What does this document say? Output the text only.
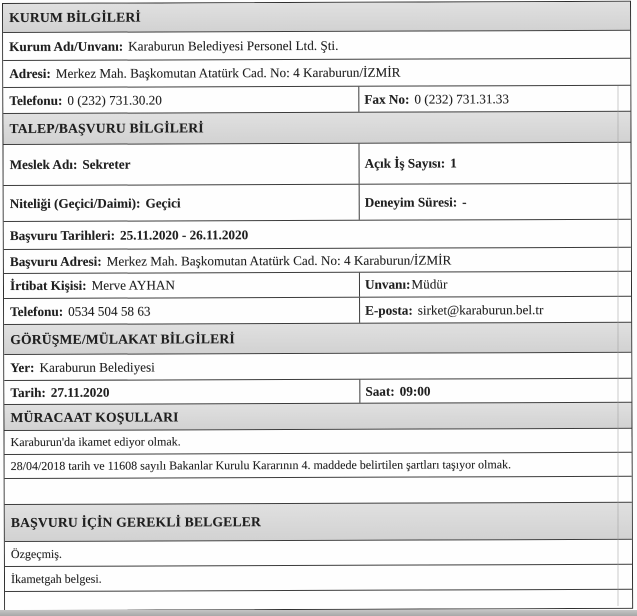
KURUM BİLGİLERİ
Kurum Adı/Unvanı: Karaburun Belediyesi Personel Ltd. Şti.
Adresi: Merkez Mah. Başkomutan Atatürk Cad. No: 4 Karaburun/İZMİR
Telefonu: 0 (232) 731.30.20	Fax No: 0 (232) 731.31.33
TALEP/BAŞVURU BİLGİLERİ
Meslek Adı: Sekreter	Açık İş Sayısı: 1
Niteliği (Geçici/Daimi): Geçici	Deneyim Süresi: -
Başvuru Tarihleri: 25.11.2020 - 26.11.2020
Başvuru Adresi: Merkez Mah. Başkomutan Atatürk Cad. No: 4 Karaburun/İZMİR
İrtibat Kişisi: Merve AYHAN	Unvanı: Müdür
Telefonu: 0534 504 58 63	E-posta: sirket@karaburun.bel.tr
GÖRÜŞME/MÜLAKAT BİLGİLERİ
Yer: Karaburun Belediyesi
Tarih: 27.11.2020	Saat: 09:00
MÜRACAAT KOŞULLARI
Karaburun'da ikamet ediyor olmak.
28/04/2018 tarih ve 11608 sayılı Bakanlar Kurulu Kararının 4. maddede belirtilen şartları taşıyor olmak.
BAŞVURU İÇİN GEREKLİ BELGELER
Özgeçmiş.
İkametgah belgesi.
